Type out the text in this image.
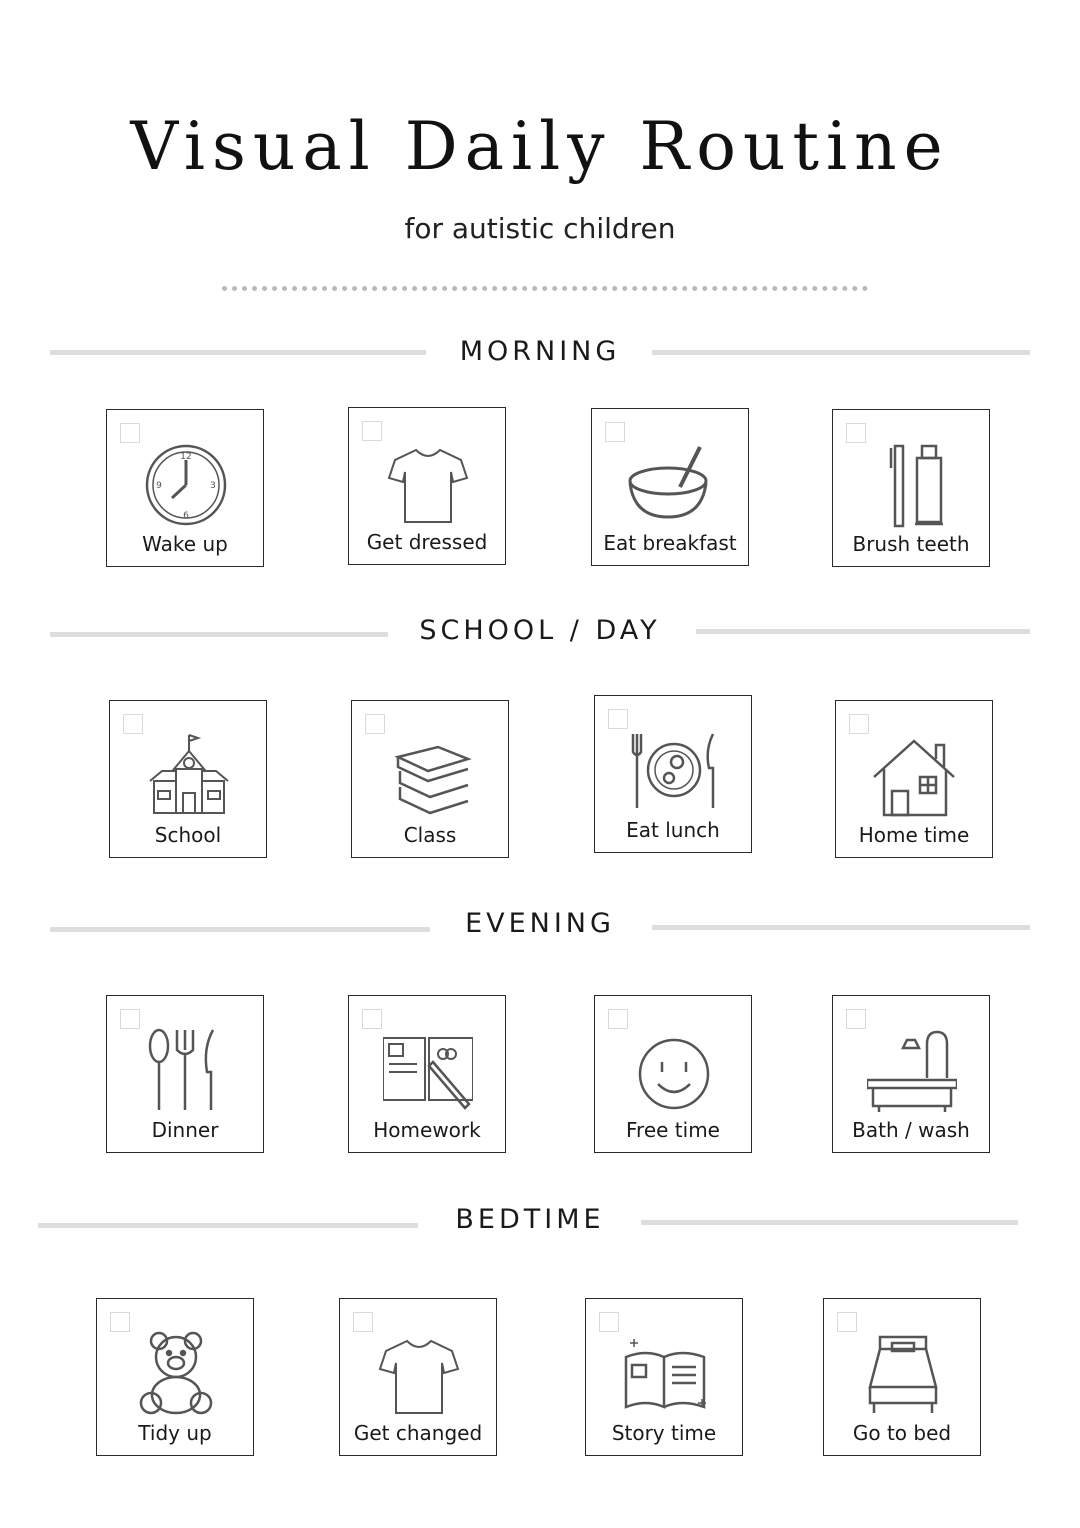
Visual Daily Routine
for autistic children
MORNING
12
6
9	3
Wake up	Get dressed	Eat breakfast	Brush teeth
SCHOOL / DAY
School	Class	Eat lunch	Home time
EVENING
Dinner	Homework	Free time	Bath / wash
BEDTIME
Tidy up	Get changed	Story time	Go to bed
